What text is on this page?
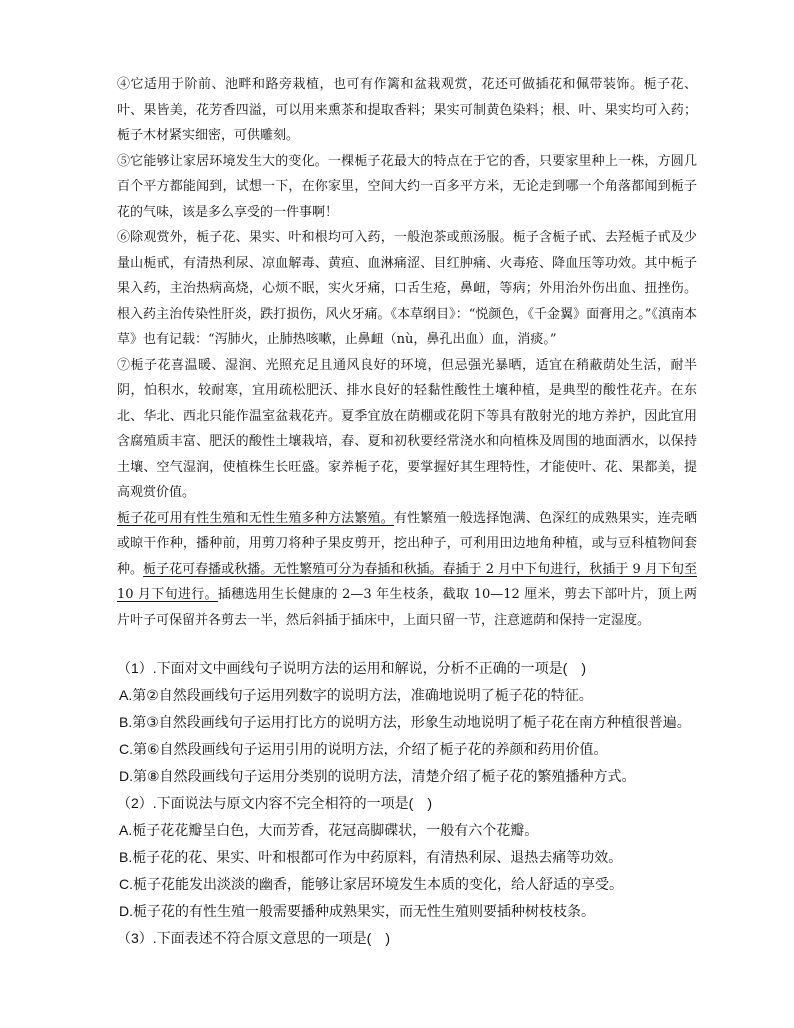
④它适用于阶前、池畔和路旁栽植，也可有作篱和盆栽观赏，花还可做插花和佩带装饰。栀子花、叶、果皆美，花芳香四溢，可以用来熏茶和提取香料；果实可制黄色染料；根、叶、果实均可入药；栀子木材紧实细密，可供雕刻。

⑤它能够让家居环境发生大的变化。一棵栀子花最大的特点在于它的香，只要家里种上一株，方圆几百个平方都能闻到，试想一下，在你家里，空间大约一百多平方米，无论走到哪一个角落都闻到栀子花的气味，该是多么享受的一件事啊！

⑥除观赏外，栀子花、果实、叶和根均可入药，一般泡茶或煎汤服。栀子含栀子甙、去羟栀子甙及少量山栀甙，有清热利尿、凉血解毒、黄疸、血淋痛涩、目红肿痛、火毒疮、降血压等功效。其中栀子果入药，主治热病高烧，心烦不眠，实火牙痛，口舌生疮，鼻衄，等病；外用治外伤出血、扭挫伤。根入药主治传染性肝炎，跌打损伤，风火牙痛。《本草纲目》：“悦颜色，《千金翼》面膏用之。”《滇南本草》也有记载：“泻肺火，止肺热咳嗽，止鼻衄（nù，鼻孔出血）血，消痰。”

⑦栀子花喜温暖、湿润、光照充足且通风良好的环境，但忌强光暴晒，适宜在稍蔽荫处生活，耐半阴，怕积水，较耐寒，宜用疏松肥沃、排水良好的轻黏性酸性土壤种植，是典型的酸性花卉。在东北、华北、西北只能作温室盆栽花卉。夏季宜放在荫棚或花阴下等具有散射光的地方养护，因此宜用含腐殖质丰富、肥沃的酸性土壤栽培，春、夏和初秋要经常浇水和向植株及周围的地面洒水，以保持土壤、空气湿润，使植株生长旺盛。家养栀子花，要掌握好其生理特性，才能使叶、花、果都美，提高观赏价值。

栀子花可用有性生殖和无性生殖多种方法繁殖。有性繁殖一般选择饱满、色深红的成熟果实，连壳晒或晾干作种，播种前，用剪刀将种子果皮剪开，挖出种子，可利用田边地角种植，或与豆科植物间套种。栀子花可春播或秋播。无性繁殖可分为春插和秋插。春插于 2 月中下旬进行，秋插于 9 月下旬至 10 月下旬进行。插穗选用生长健康的 2—3 年生枝条，截取 10—12 厘米，剪去下部叶片，顶上两片叶子可保留并各剪去一半，然后斜插于插床中，上面只留一节，注意遮荫和保持一定湿度。

（1）.下面对文中画线句子说明方法的运用和解说，分析不正确的一项是(　)

A.第②自然段画线句子运用列数字的说明方法，准确地说明了栀子花的特征。

B.第③自然段画线句子运用打比方的说明方法，形象生动地说明了栀子花在南方种植很普遍。

C.第⑥自然段画线句子运用引用的说明方法，介绍了栀子花的养颜和药用价值。

D.第⑧自然段画线句子运用分类别的说明方法，清楚介绍了栀子花的繁殖播种方式。

（2）.下面说法与原文内容不完全相符的一项是(　)

A.栀子花花瓣呈白色，大而芳香，花冠高脚碟状，一般有六个花瓣。

B.栀子花的花、果实、叶和根都可作为中药原料，有清热利尿、退热去痛等功效。

C.栀子花能发出淡淡的幽香，能够让家居环境发生本质的变化，给人舒适的享受。

D.栀子花的有性生殖一般需要播种成熟果实，而无性生殖则要插种树枝枝条。

（3）.下面表述不符合原文意思的一项是(　)
